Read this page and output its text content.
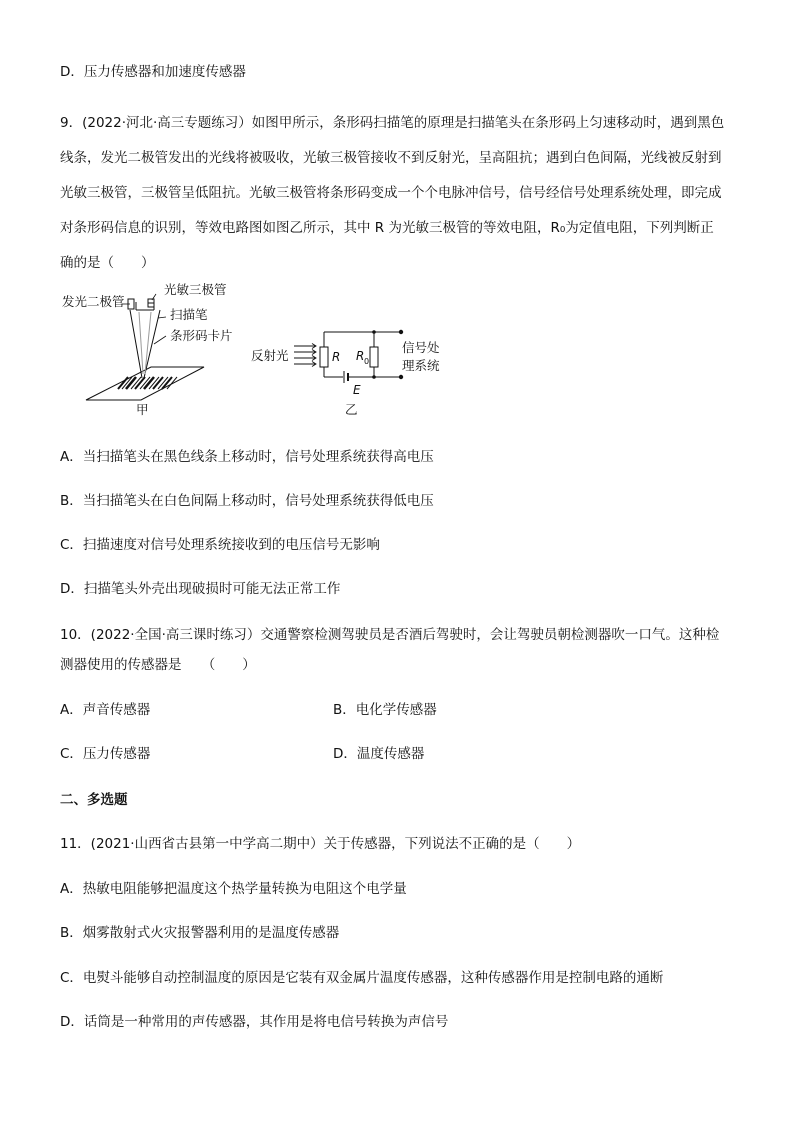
D．压力传感器和加速度传感器
9．(2022·河北·高三专题练习）如图甲所示，条形码扫描笔的原理是扫描笔头在条形码上匀速移动时，遇到黑色
线条，发光二极管发出的光线将被吸收，光敏三极管接收不到反射光，呈高阻抗；遇到白色间隔，光线被反射到
光敏三极管，三极管呈低阻抗。光敏三极管将条形码变成一个个电脉冲信号，信号经信号处理系统处理，即完成
对条形码信息的识别，等效电路图如图乙所示，其中 R 为光敏三极管的等效电阻，R₀为定值电阻，下列判断正
确的是（　　）
发光二极管
光敏三极管
扫描笔
条形码卡片
甲
反射光	R R 0
E
信号处
理系统
乙
A．当扫描笔头在黑色线条上移动时，信号处理系统获得高电压
B．当扫描笔头在白色间隔上移动时，信号处理系统获得低电压
C．扫描速度对信号处理系统接收到的电压信号无影响
D．扫描笔头外壳出现破损时可能无法正常工作
10．(2022·全国·高三课时练习）交通警察检测驾驶员是否酒后驾驶时，会让驾驶员朝检测器吹一口气。这种检
测器使用的传感器是　　（　　）
A．声音传感器	B．电化学传感器
C．压力传感器	D．温度传感器
二、多选题
11．(2021·山西省古县第一中学高二期中）关于传感器，下列说法不正确的是（　　）
A．热敏电阻能够把温度这个热学量转换为电阻这个电学量
B．烟雾散射式火灾报警器利用的是温度传感器
C．电熨斗能够自动控制温度的原因是它装有双金属片温度传感器，这种传感器作用是控制电路的通断
D．话筒是一种常用的声传感器，其作用是将电信号转换为声信号
